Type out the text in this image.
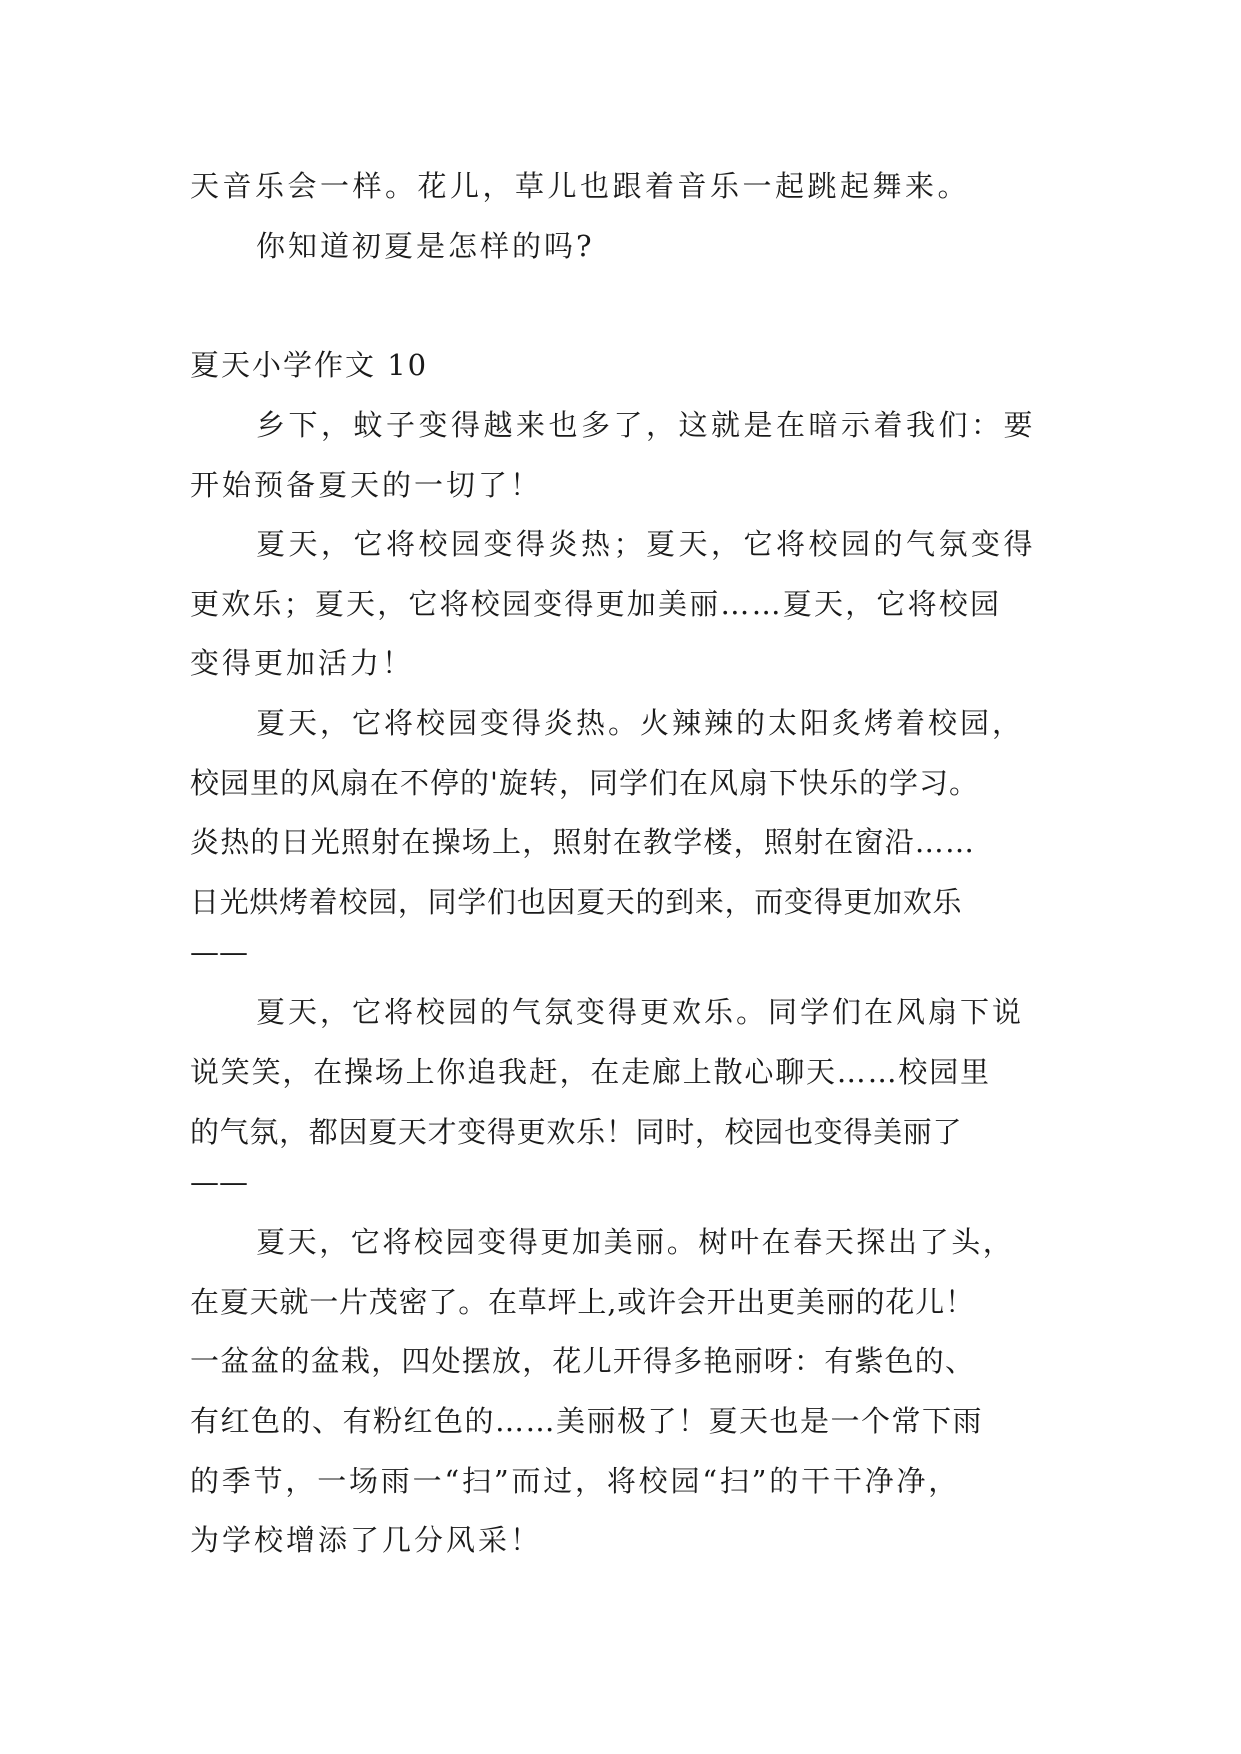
天音乐会一样。花儿，草儿也跟着音乐一起跳起舞来。
你知道初夏是怎样的吗?
夏天小学作文 10
乡下，蚊子变得越来也多了，这就是在暗示着我们：要
开始预备夏天的一切了！
夏天，它将校园变得炎热；夏天，它将校园的气氛变得
更欢乐；夏天，它将校园变得更加美丽……夏天，它将校园
变得更加活力！
夏天，它将校园变得炎热。火辣辣的太阳炙烤着校园，
校园里的风扇在不停的'旋转，同学们在风扇下快乐的学习。
炎热的日光照射在操场上，照射在教学楼，照射在窗沿……
日光烘烤着校园，同学们也因夏天的到来，而变得更加欢乐
——
夏天，它将校园的气氛变得更欢乐。同学们在风扇下说
说笑笑，在操场上你追我赶，在走廊上散心聊天……校园里
的气氛，都因夏天才变得更欢乐！同时，校园也变得美丽了
——
夏天，它将校园变得更加美丽。树叶在春天探出了头，
在夏天就一片茂密了。在草坪上,或许会开出更美丽的花儿！
一盆盆的盆栽，四处摆放，花儿开得多艳丽呀：有紫色的、
有红色的、有粉红色的……美丽极了！夏天也是一个常下雨
的季节，一场雨一“扫”而过，将校园“扫”的干干净净，
为学校增添了几分风采！
